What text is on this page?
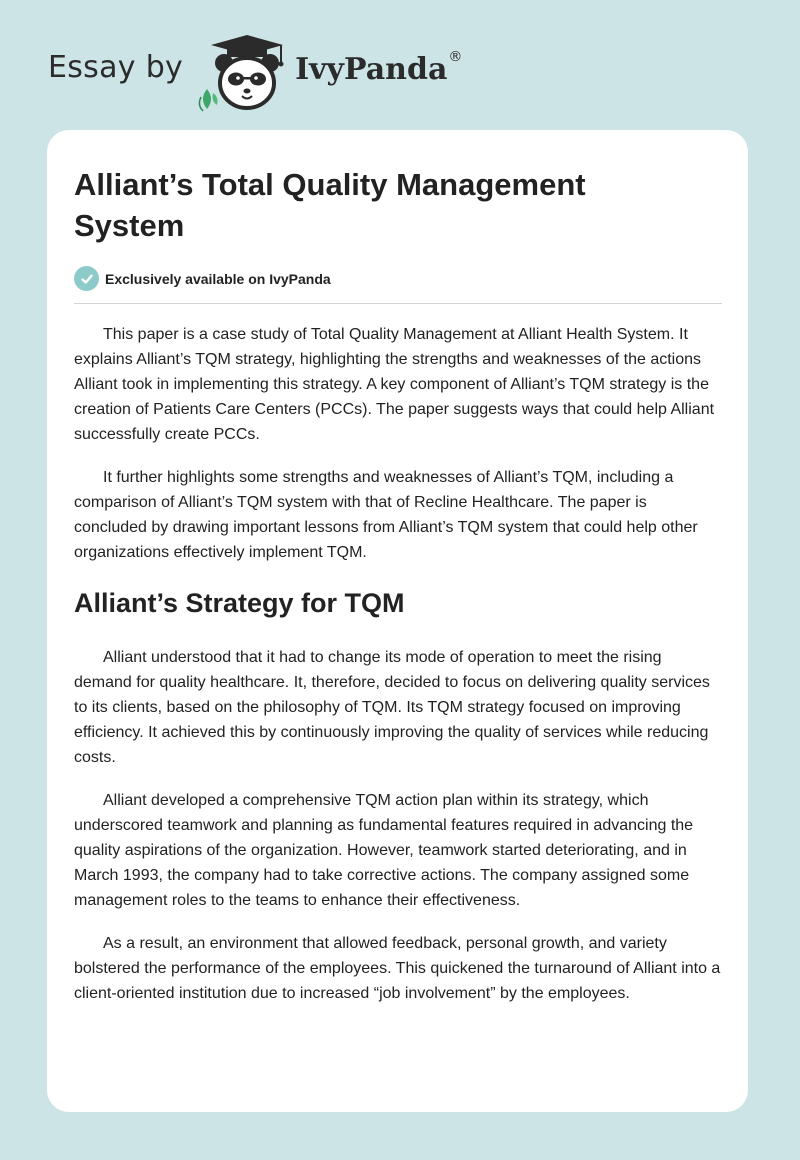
Essay by	IvyPanda ®
Alliant’s Total Quality Management System
Exclusively available on IvyPanda

This paper is a case study of Total Quality Management at Alliant Health System. It explains Alliant’s TQM strategy, highlighting the strengths and weaknesses of the actions Alliant took in implementing this strategy. A key component of Alliant’s TQM strategy is the creation of Patients Care Centers (PCCs). The paper suggests ways that could help Alliant successfully create PCCs.

It further highlights some strengths and weaknesses of Alliant’s TQM, including a comparison of Alliant’s TQM system with that of Recline Healthcare. The paper is concluded by drawing important lessons from Alliant’s TQM system that could help other organizations effectively implement TQM.

Alliant’s Strategy for TQM

Alliant understood that it had to change its mode of operation to meet the rising demand for quality healthcare. It, therefore, decided to focus on delivering quality services to its clients, based on the philosophy of TQM. Its TQM strategy focused on improving efficiency. It achieved this by continuously improving the quality of services while reducing costs.

Alliant developed a comprehensive TQM action plan within its strategy, which underscored teamwork and planning as fundamental features required in advancing the quality aspirations of the organization. However, teamwork started deteriorating, and in March 1993, the company had to take corrective actions. The company assigned some management roles to the teams to enhance their effectiveness.

As a result, an environment that allowed feedback, personal growth, and variety bolstered the performance of the employees. This quickened the turnaround of Alliant into a client-oriented institution due to increased “job involvement” by the employees.
